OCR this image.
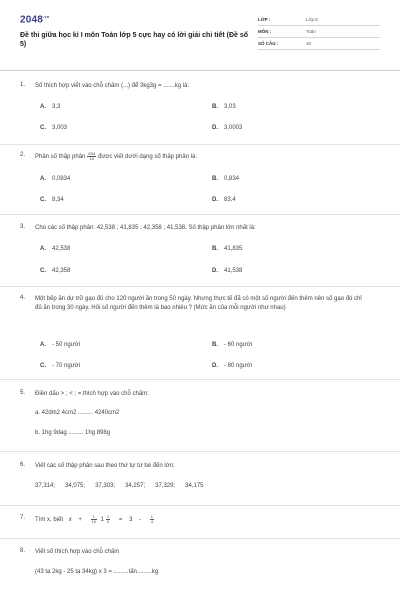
$2048^{.vn}$
Đề thi giữa học kì I môn Toán lớp 5 cực hay có lời giải chi tiết (Đề số 5)
LỚP :	Lớp 5
MÔN :	Toán
SỐ CÂU :	10
1. Số thích hợp viết vào chỗ chấm (...) để 3kg3g = .......kg là:
A. 3,3	B. 3,03
C. 3,003	D. 3,0003
2. Phân số thập phân $\frac{834}{10}$ được viết dưới dạng số thập phân là:
A. 0,0834	B. 0,834
C. 8,34	D. 83,4
3. Cho các số thập phân: 42,538 ; 41,835 ; 42,358 ; 41,538. Số thập phân lớn nhất là:
A. 42,538	B. 41,835
C. 42,358	D. 41,538
4. Một bếp ăn dự trữ gạo đủ cho 120 người ăn trong 50 ngày. Nhưng thực tế đã có một số người đến thêm nên số gạo đó chỉ đủ ăn trong 30 ngày. Hỏi số người đến thêm là bao nhiêu ? (Mức ăn của mỗi người như nhau)
A. - 50 người	B. - 60 người
C. - 70 người	D. - 80 người
5. Điền dấu > ; < ; = thích hợp vào chỗ chấm:
a. 42dm2 4cm2 ......... 4240cm2
b. 1hg 9dag ......... 1hg 898g
6. Viết các số thập phân sau theo thứ tự từ bé đến lớn:
37,314; 34,075; 37,303; 34,257; 37,329; 34,175
7. Tìm x, biết $x + \frac{1}{10} 1 \frac{1}{2} = 3 - \frac{1}{4}$
8. Viết số thích hợp vào chỗ chấm
(43 tạ 2kg - 25 tạ 34kg) x 3 = .........tấn.........kg
